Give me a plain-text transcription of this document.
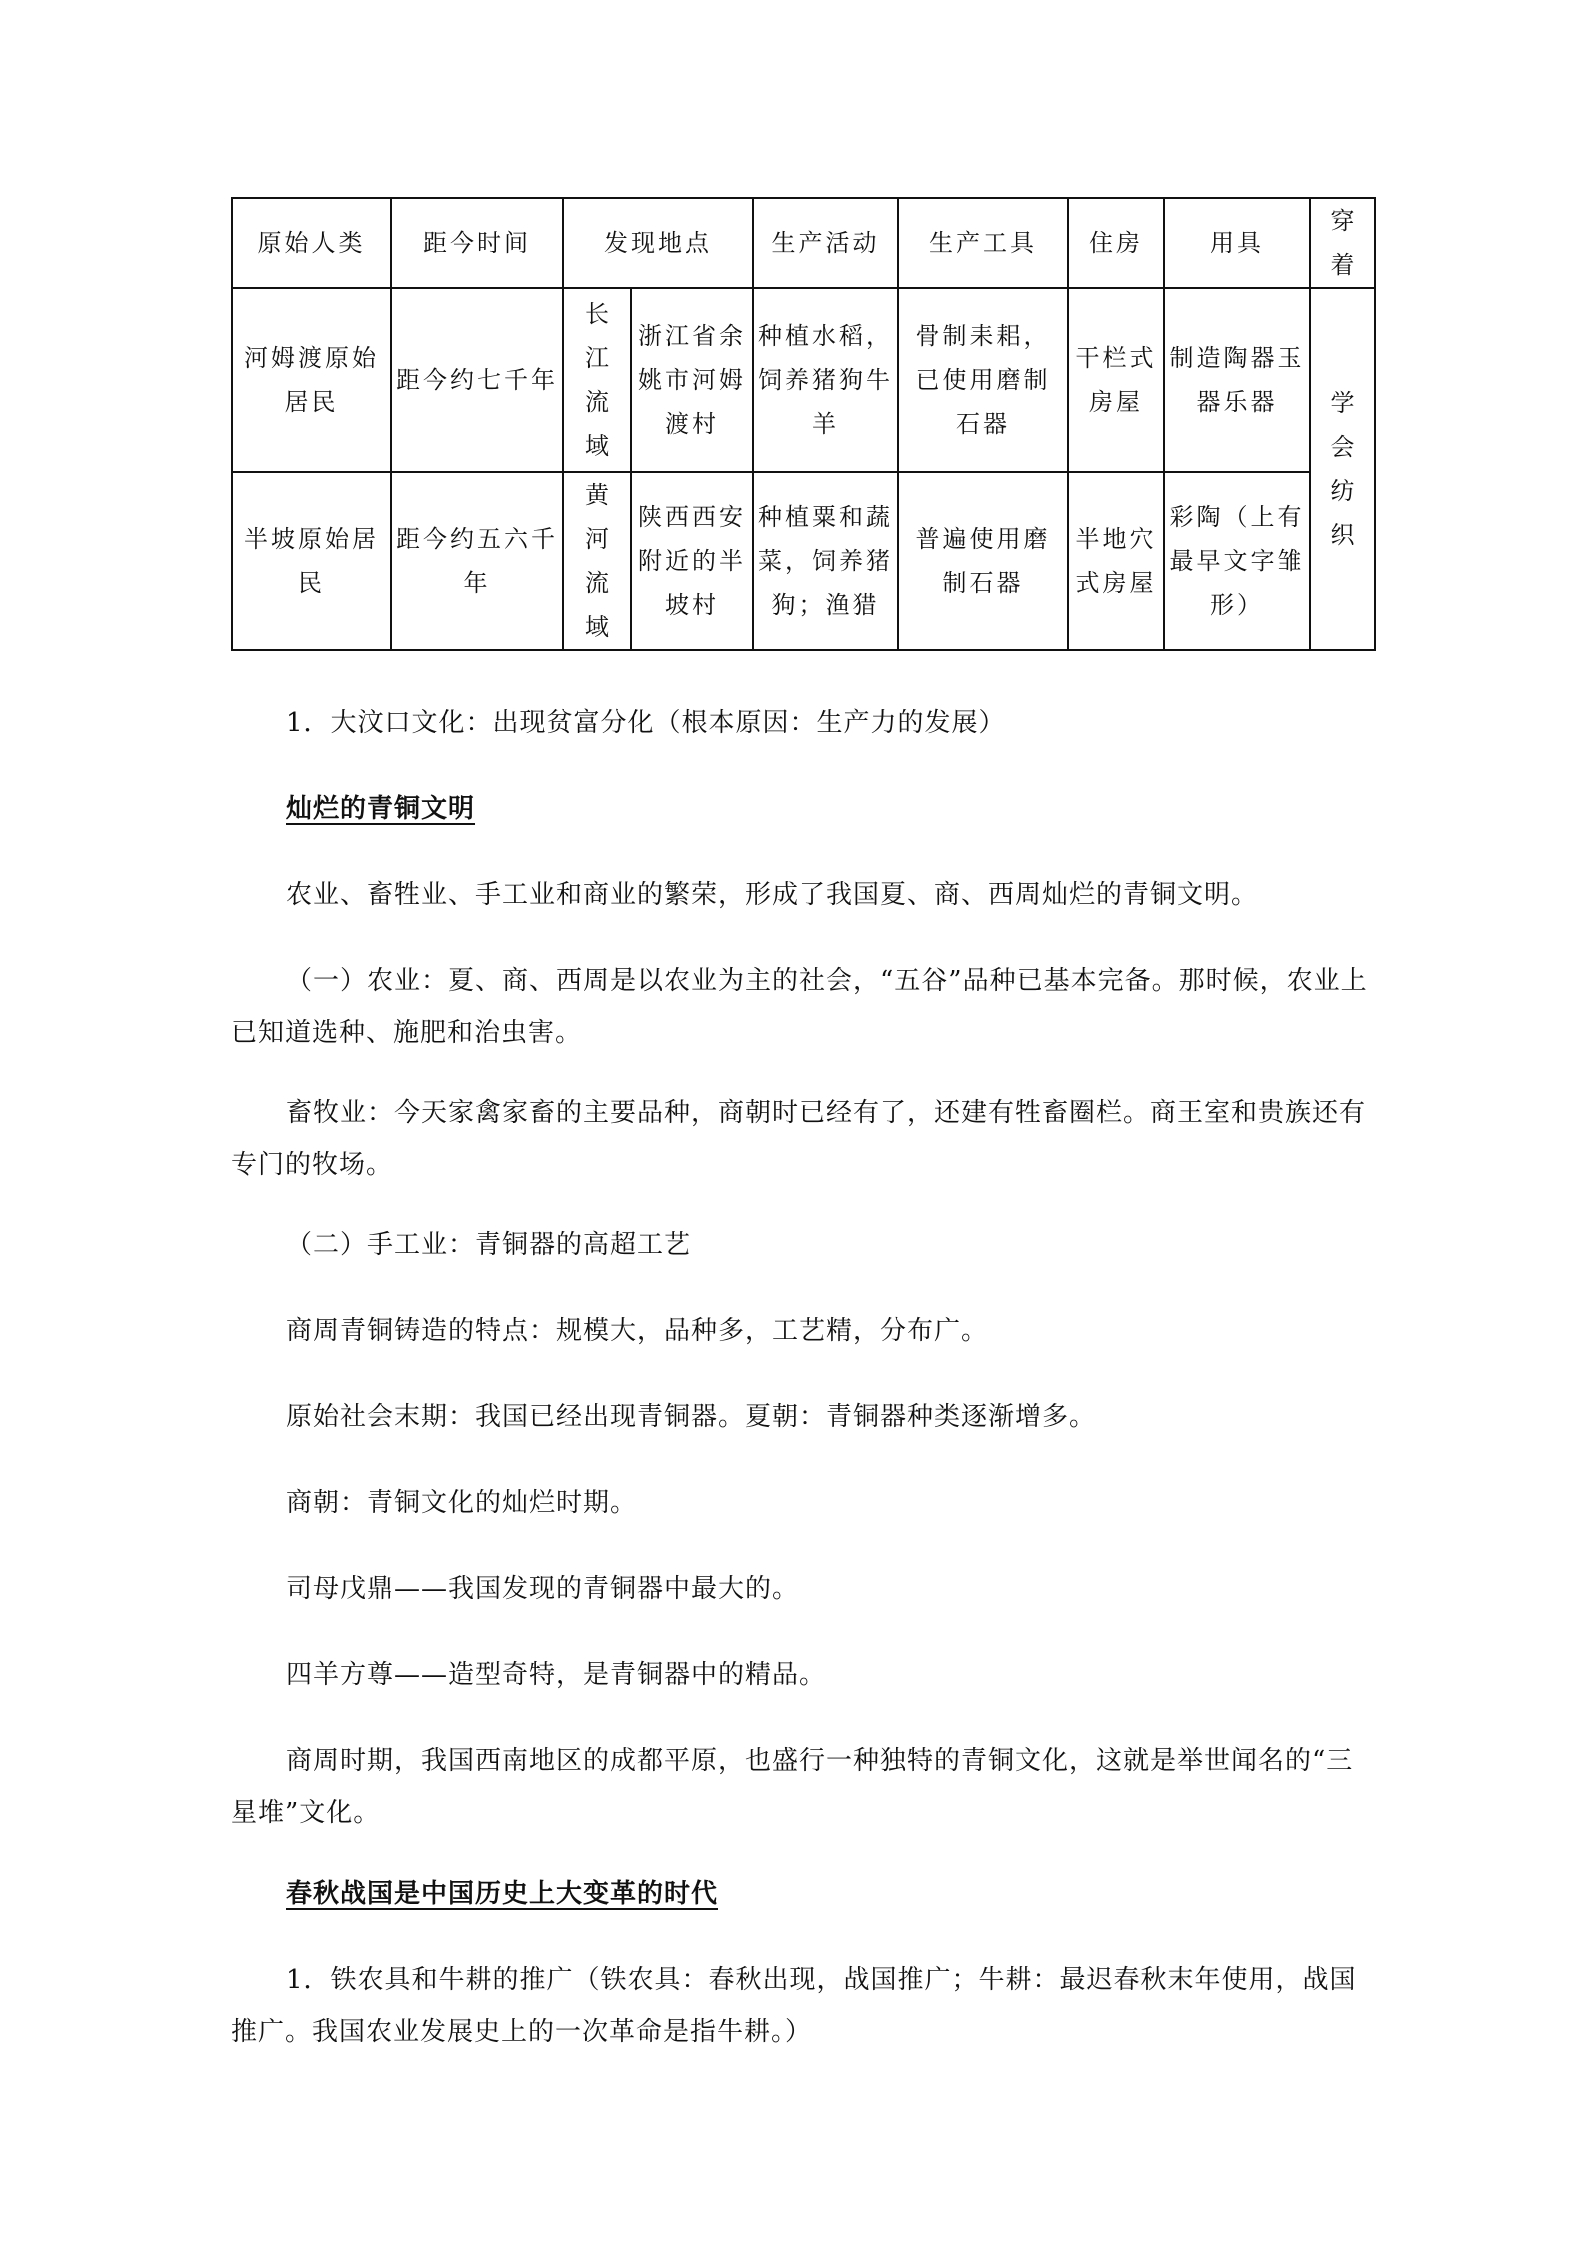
原始人类	距今时间	发现地点		生产活动	生产工具	住房	用具	穿着
河姆渡原始居民	距今约七千年	长江流域	浙江省余姚市河姆渡村	种植水稻，饲养猪狗牛羊	骨制耒耜，已使用磨制石器	干栏式房屋	制造陶器玉器乐器	学会纺织
半坡原始居民	距今约五六千年	黄河流域	陕西西安附近的半坡村	种植粟和蔬菜，饲养猪狗；渔猎	普遍使用磨制石器	半地穴式房屋	彩陶（上有最早文字雏形）	

1．大汶口文化：出现贫富分化（根本原因：生产力的发展）

灿烂的青铜文明

农业、畜牲业、手工业和商业的繁荣，形成了我国夏、商、西周灿烂的青铜文明。

（一）农业：夏、商、西周是以农业为主的社会，“五谷”品种已基本完备。那时候，农业上已知道选种、施肥和治虫害。

畜牧业：今天家禽家畜的主要品种，商朝时已经有了，还建有牲畜圈栏。商王室和贵族还有专门的牧场。

（二）手工业：青铜器的高超工艺

商周青铜铸造的特点：规模大，品种多，工艺精，分布广。

原始社会末期：我国已经出现青铜器。夏朝：青铜器种类逐渐增多。

商朝：青铜文化的灿烂时期。

司母戊鼎——我国发现的青铜器中最大的。

四羊方尊——造型奇特，是青铜器中的精品。

商周时期，我国西南地区的成都平原，也盛行一种独特的青铜文化，这就是举世闻名的“三星堆”文化。

春秋战国是中国历史上大变革的时代

1．铁农具和牛耕的推广（铁农具：春秋出现，战国推广；牛耕：最迟春秋末年使用，战国推广。我国农业发展史上的一次革命是指牛耕。）
